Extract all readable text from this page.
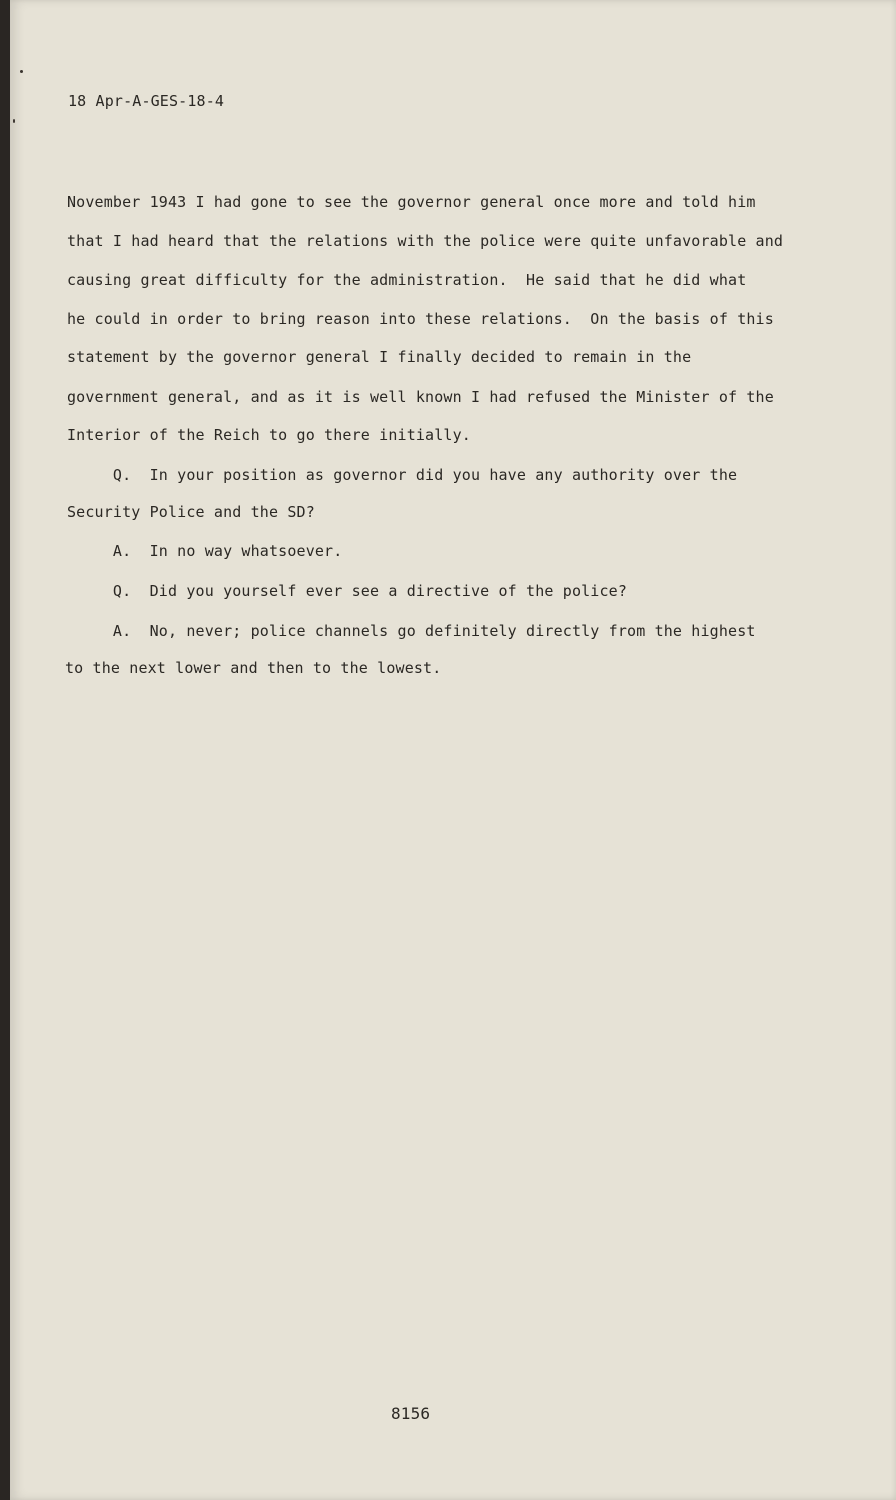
18 Apr-A-GES-18-4
November 1943 I had gone to see the governor general once more and told him
that I had heard that the relations with the police were quite unfavorable and
causing great difficulty for the administration.  He said that he did what
he could in order to bring reason into these relations.  On the basis of this
statement by the governor general I finally decided to remain in the
government general, and as it is well known I had refused the Minister of the
Interior of the Reich to go there initially.
Q.  In your position as governor did you have any authority over the
Security Police and the SD?
A.  In no way whatsoever.
Q.  Did you yourself ever see a directive of the police?
A.  No, never; police channels go definitely directly from the highest
to the next lower and then to the lowest.
8156
